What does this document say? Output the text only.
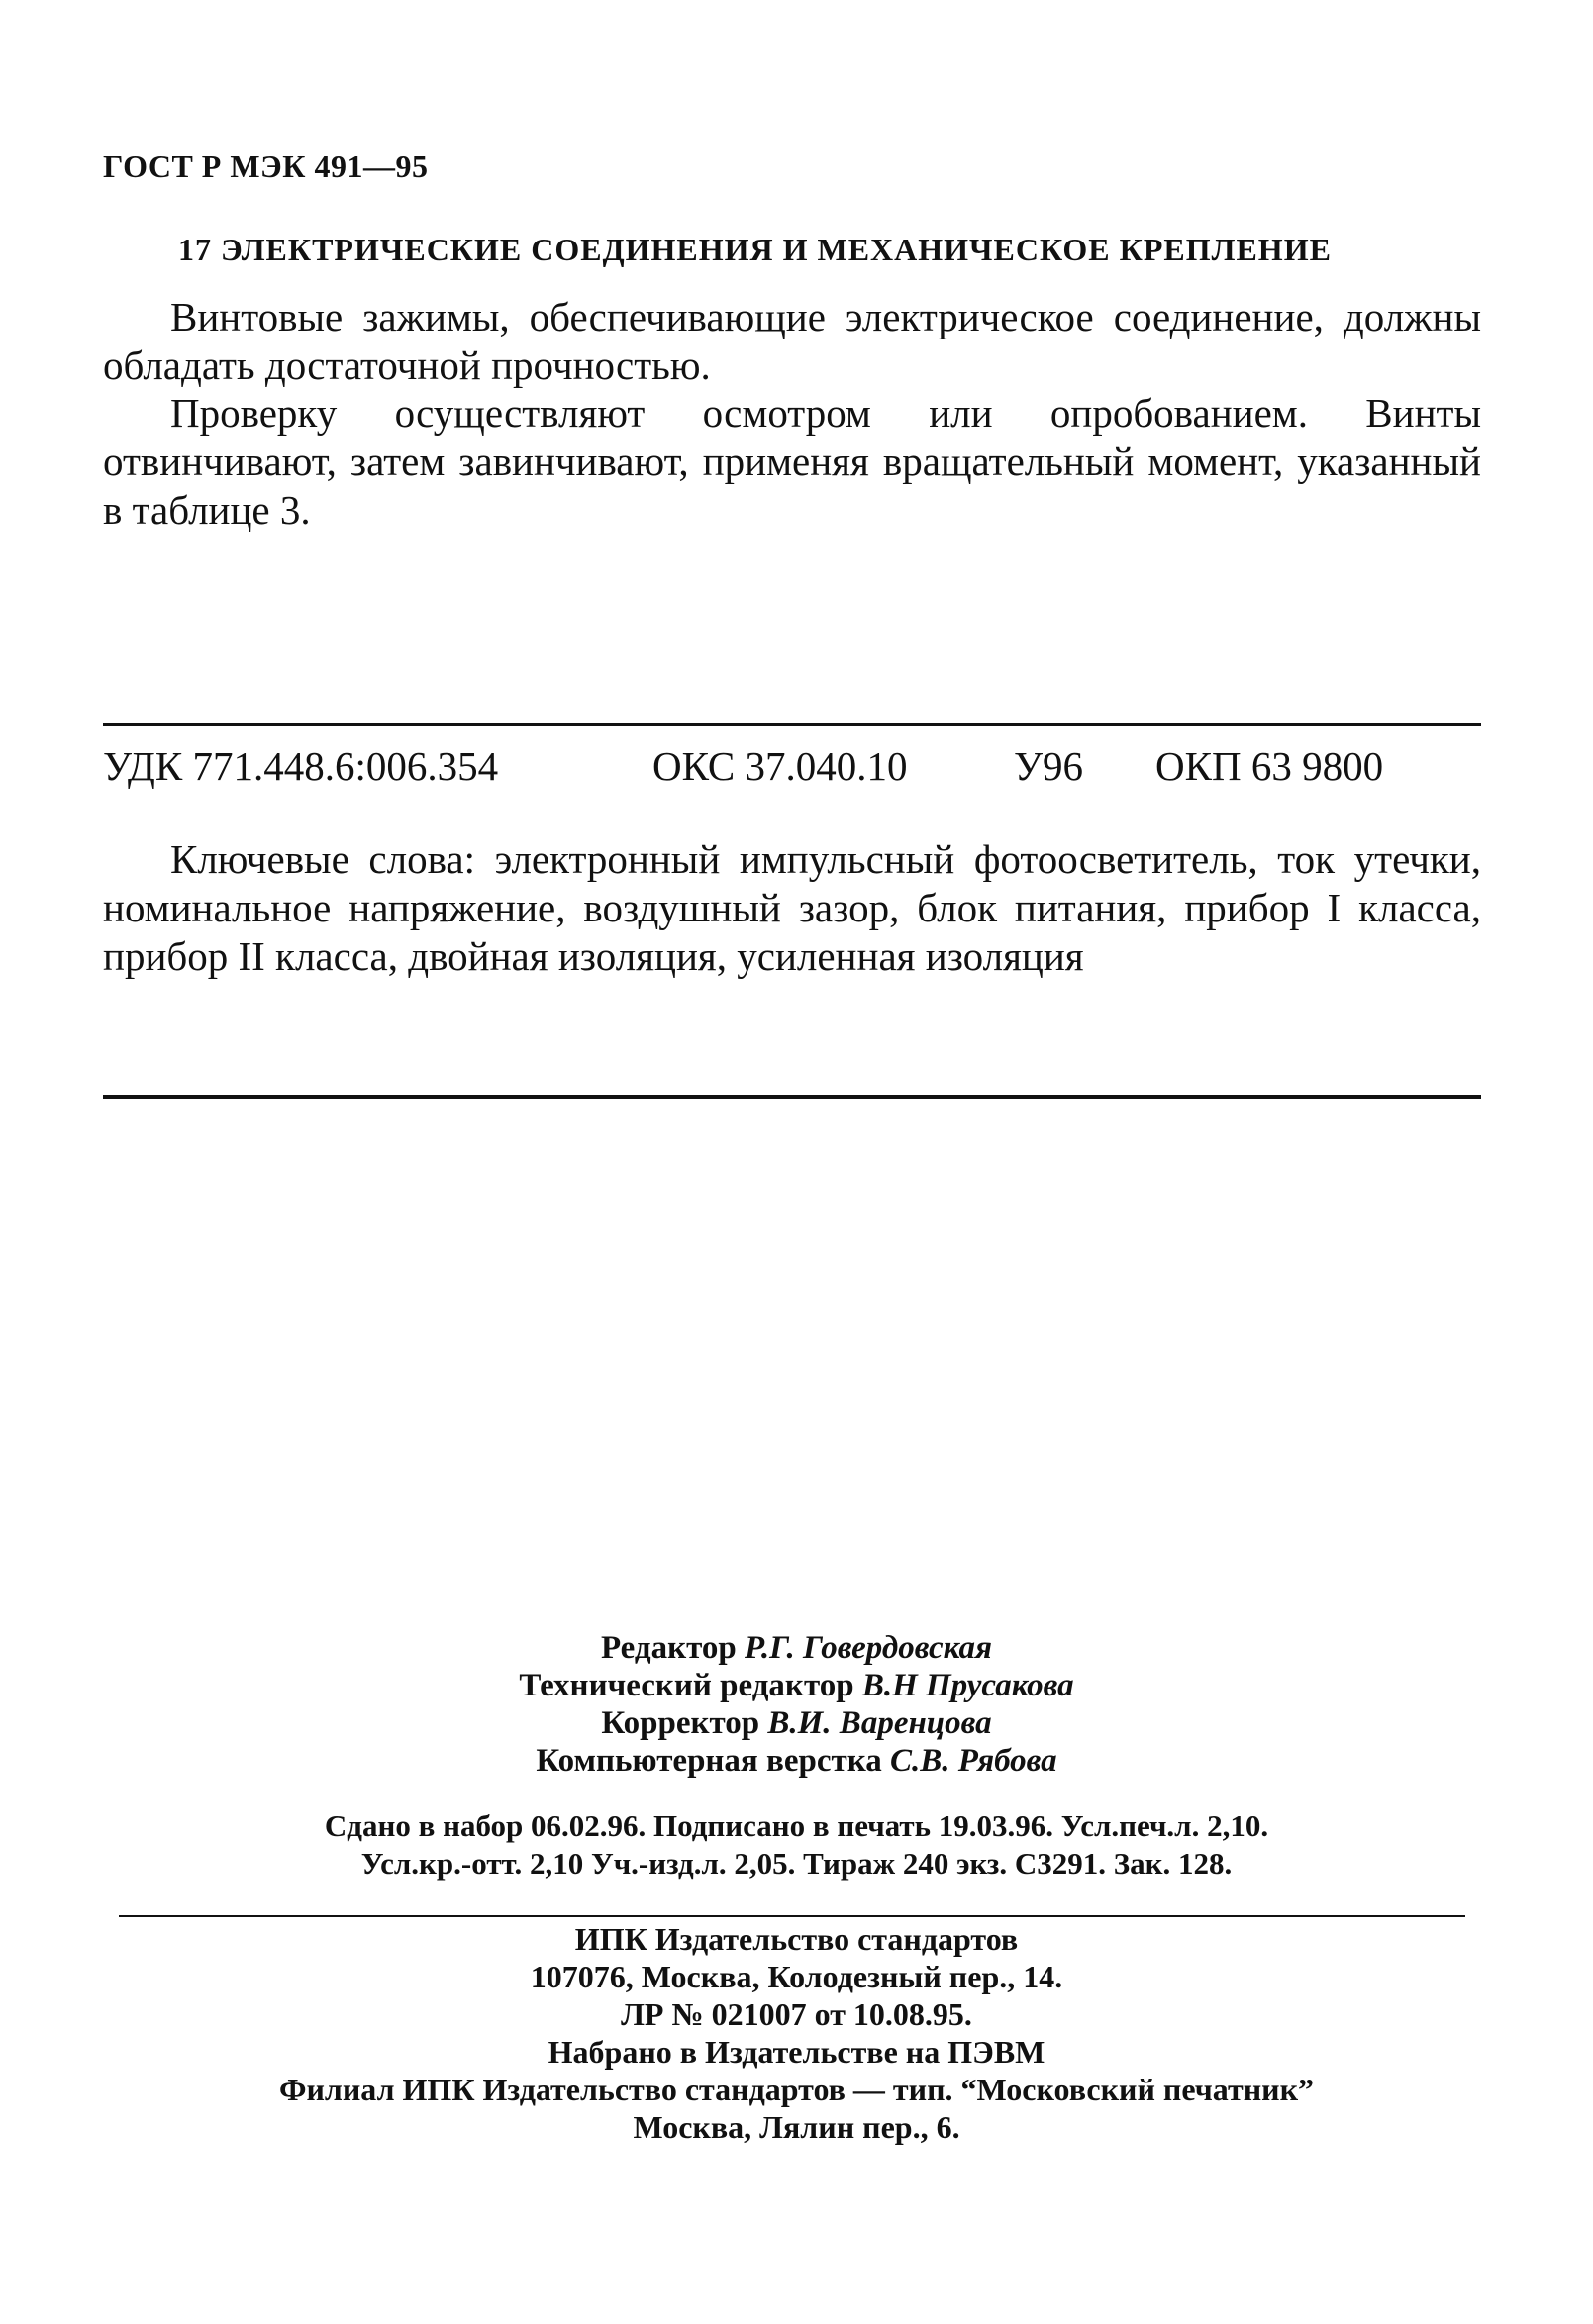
ГОСТ Р МЭК 491—95
17 ЭЛЕКТРИЧЕСКИЕ СОЕДИНЕНИЯ И МЕХАНИЧЕСКОЕ КРЕПЛЕНИЕ
Винтовые зажимы, обеспечивающие электрическое соединение, должны обладать достаточной прочностью.
Проверку осуществляют осмотром или опробованием. Винты отвинчивают, затем завинчивают, применяя вращательный момент, указанный в таблице 3.
УДК 771.448.6:006.354	ОКС 37.040.10	У96 ОКП 63 9800
Ключевые слова: электронный импульсный фотоосветитель, ток утечки, номинальное напряжение, воздушный зазор, блок питания, прибор I класса, прибор II класса, двойная изоляция, усиленная изоляция
Редактор Р.Г. Говердовская
Технический редактор В.Н Прусакова
Корректор В.И. Варенцова
Компьютерная верстка С.В. Рябова
Сдано в набор 06.02.96. Подписано в печать 19.03.96. Усл.печ.л. 2,10.
Усл.кр.-отт. 2,10 Уч.-изд.л. 2,05. Тираж 240 экз. С3291. Зак. 128.
ИПК Издательство стандартов
107076, Москва, Колодезный пер., 14.
ЛР № 021007 от 10.08.95.
Набрано в Издательстве на ПЭВМ
Филиал ИПК Издательство стандартов — тип. “Московский печатник”
Москва, Лялин пер., 6.
